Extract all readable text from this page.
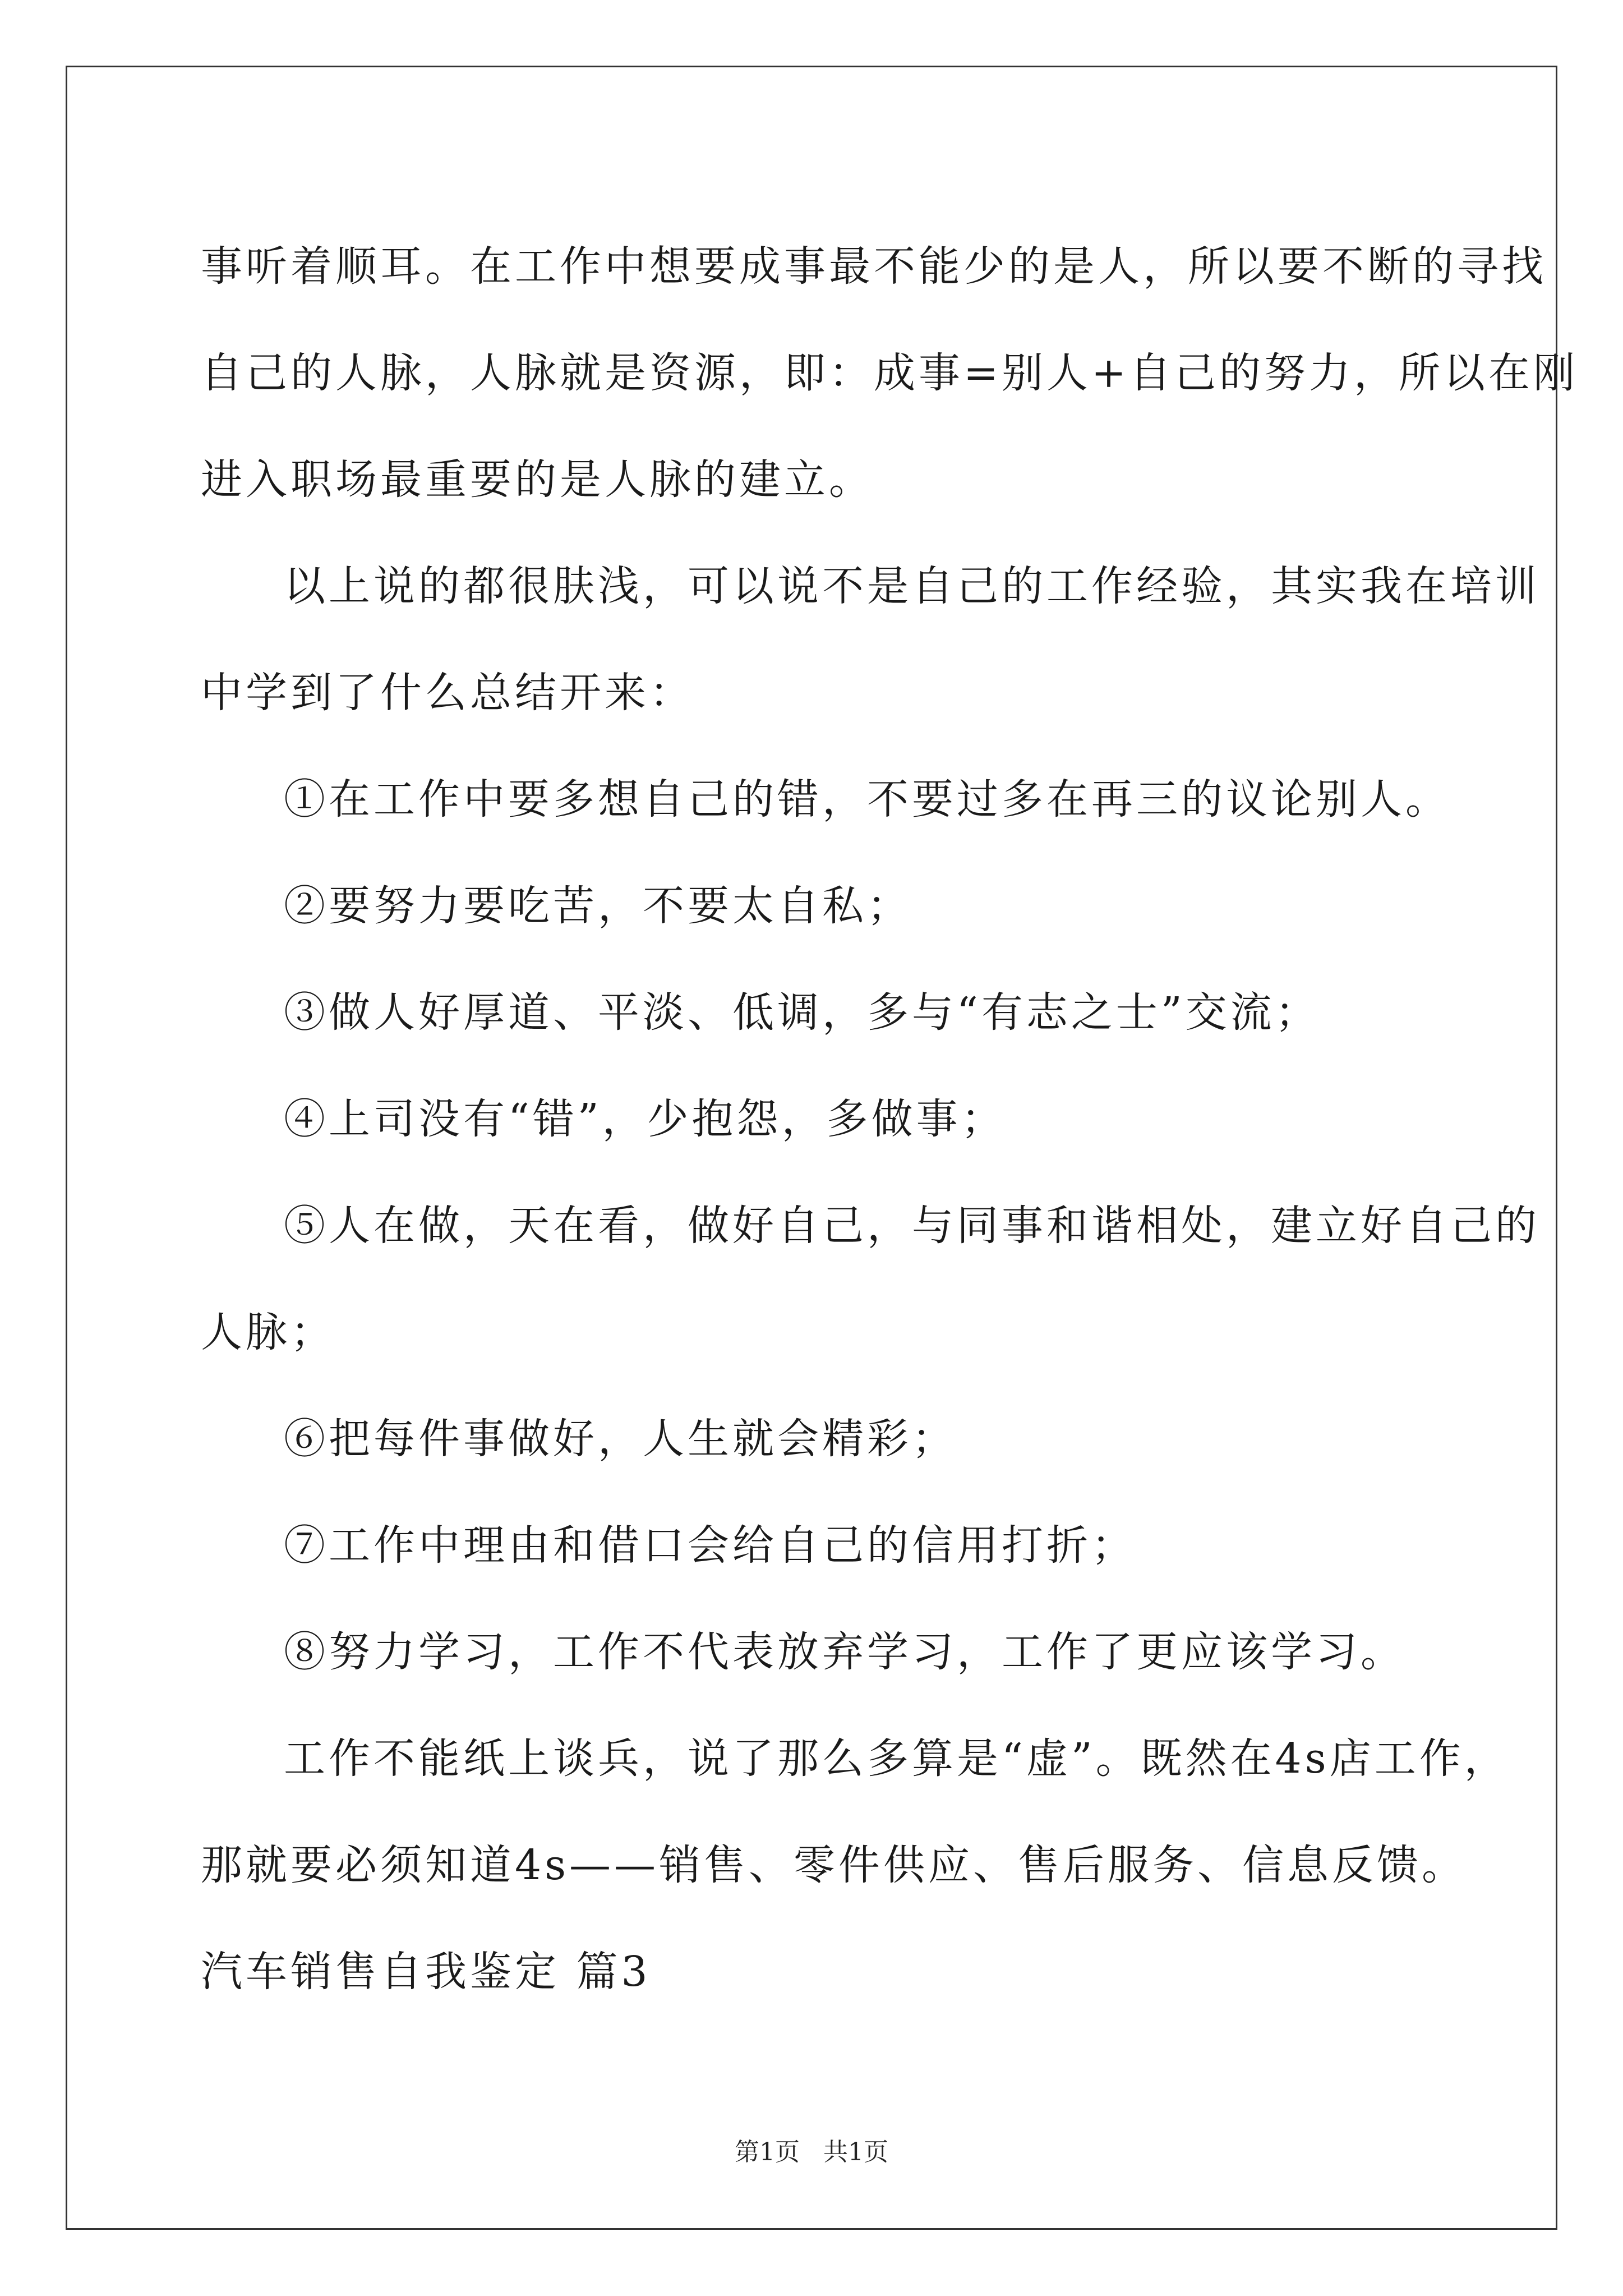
事听着顺耳。在工作中想要成事最不能少的是人，所以要不断的寻找

自己的人脉，人脉就是资源，即：成事=别人+自己的努力，所以在刚

进入职场最重要的是人脉的建立。

以上说的都很肤浅，可以说不是自己的工作经验，其实我在培训

中学到了什么总结开来：

①在工作中要多想自己的错，不要过多在再三的议论别人。

②要努力要吃苦，不要太自私；

③做人好厚道、平淡、低调，多与“有志之士”交流；

④上司没有“错”，少抱怨，多做事；

⑤人在做，天在看，做好自己，与同事和谐相处，建立好自己的

人脉；

⑥把每件事做好，人生就会精彩；

⑦工作中理由和借口会给自己的信用打折；

⑧努力学习，工作不代表放弃学习，工作了更应该学习。

工作不能纸上谈兵，说了那么多算是“虚”。既然在4s店工作，

那就要必须知道4s——销售、零件供应、售后服务、信息反馈。

汽车销售自我鉴定 篇3

第1页 共1页
